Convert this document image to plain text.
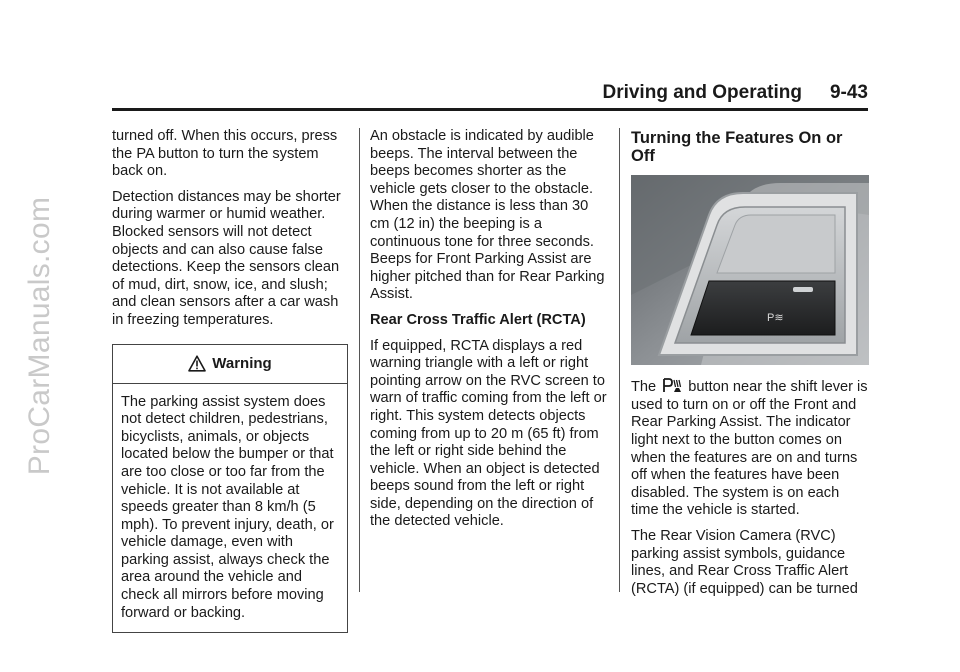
ProCarManuals.com
Driving and Operating 9-43

turned off. When this occurs, press the PA button to turn the system back on.

Detection distances may be shorter during warmer or humid weather. Blocked sensors will not detect objects and can also cause false detections. Keep the sensors clean of mud, dirt, snow, ice, and slush; and clean sensors after a car wash in freezing temperatures.

Warning
The parking assist system does not detect children, pedestrians, bicyclists, animals, or objects located below the bumper or that are too close or too far from the vehicle. It is not available at speeds greater than 8 km/h (5 mph). To prevent injury, death, or vehicle damage, even with parking assist, always check the area around the vehicle and check all mirrors before moving forward or backing.

An obstacle is indicated by audible beeps. The interval between the beeps becomes shorter as the vehicle gets closer to the obstacle. When the distance is less than 30 cm (12 in) the beeping is a continuous tone for three seconds. Beeps for Front Parking Assist are higher pitched than for Rear Parking Assist.

Rear Cross Traffic Alert (RCTA)

If equipped, RCTA displays a red warning triangle with a left or right pointing arrow on the RVC screen to warn of traffic coming from the left or right. This system detects objects coming from up to 20 m (65 ft) from the left or right side behind the vehicle. When an object is detected beeps sound from the left or right side, depending on the direction of the detected vehicle.

Turning the Features On or Off
P≋

The button near the shift lever is used to turn on or off the Front and Rear Parking Assist. The indicator light next to the button comes on when the features are on and turns off when the features have been disabled. The system is on each time the vehicle is started.

The Rear Vision Camera (RVC) parking assist symbols, guidance lines, and Rear Cross Traffic Alert (RCTA) (if equipped) can be turned
